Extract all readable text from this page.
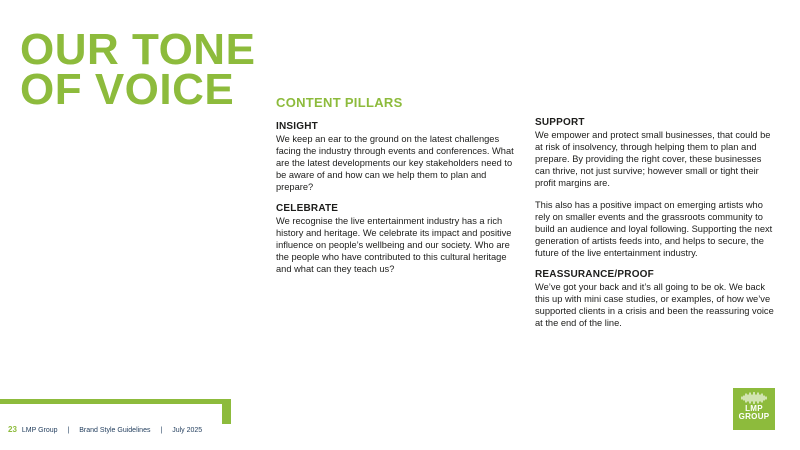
OUR TONE
OF VOICE	CONTENT PILLARS
INSIGHT

We keep an ear to the ground on the latest challenges facing the industry through events and conferences. What are the latest developments our key stakeholders need to be aware of and how can we help them to plan and prepare?

CELEBRATE

We recognise the live entertainment industry has a rich history and heritage. We celebrate its impact and positive influence on people’s wellbeing and our society. Who are the people who have contributed to this cultural heritage and what can they teach us?

SUPPORT

We empower and protect small businesses, that could be at risk of insolvency, through helping them to plan and prepare. By providing the right cover, these businesses can thrive, not just survive; however small or tight their profit margins are.

This also has a positive impact on emerging artists who rely on smaller events and the grassroots community to build an audience and loyal following. Supporting the next generation of artists feeds into, and helps to secure, the future of the live entertainment industry.

REASSURANCE/PROOF

We’ve got your back and it’s all going to be ok. We back this up with mini case studies, or examples, of how we’ve supported clients in a crisis and been the reassuring voice at the end of the line.

23 LMP Group | Brand Style Guidelines | July 2025
LMP
GROUP
